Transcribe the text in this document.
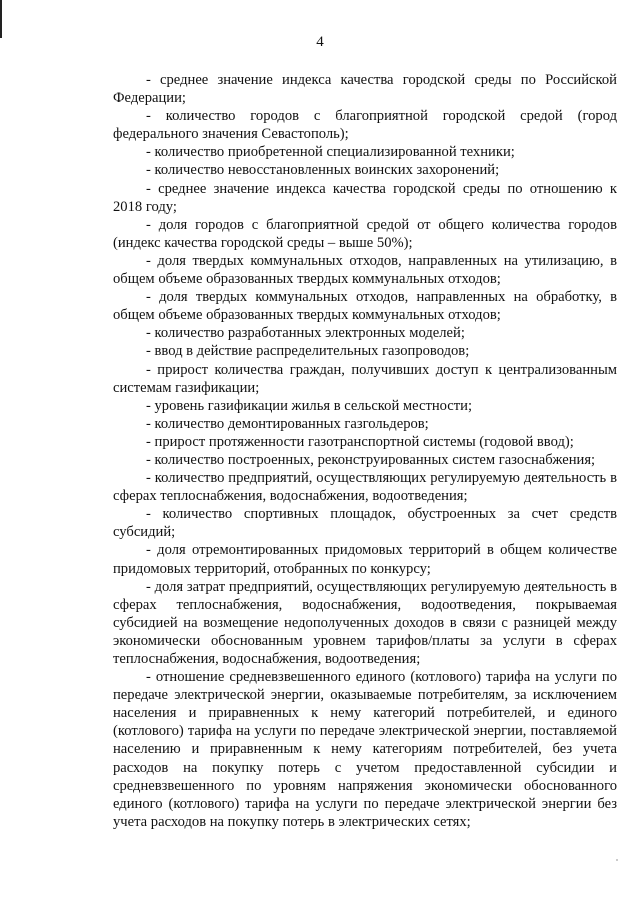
4

- среднее значение индекса качества городской среды по Российской Федерации;

- количество городов с благоприятной городской средой (город федерального значения Севастополь);

- количество приобретенной специализированной техники;

- количество невосстановленных воинских захоронений;

- среднее значение индекса качества городской среды по отношению к 2018 году;

- доля городов с благоприятной средой от общего количества городов (индекс качества городской среды – выше 50%);

- доля твердых коммунальных отходов, направленных на утилизацию, в общем объеме образованных твердых коммунальных отходов;

- доля твердых коммунальных отходов, направленных на обработку, в общем объеме образованных твердых коммунальных отходов;

- количество разработанных электронных моделей;

- ввод в действие распределительных газопроводов;

- прирост количества граждан, получивших доступ к централизованным системам газификации;

- уровень газификации жилья в сельской местности;

- количество демонтированных газгольдеров;

- прирост протяженности газотранспортной системы (годовой ввод);

- количество построенных, реконструированных систем газоснабжения;

- количество предприятий, осуществляющих регулируемую деятельность в сферах теплоснабжения, водоснабжения, водоотведения;

- количество спортивных площадок, обустроенных за счет средств субсидий;

- доля отремонтированных придомовых территорий в общем количестве придомовых территорий, отобранных по конкурсу;

- доля затрат предприятий, осуществляющих регулируемую деятельность в сферах теплоснабжения, водоснабжения, водоотведения, покрываемая субсидией на возмещение недополученных доходов в связи с разницей между экономически обоснованным уровнем тарифов/платы за услуги в сферах теплоснабжения, водоснабжения, водоотведения;

- отношение средневзвешенного единого (котлового) тарифа на услуги по передаче электрической энергии, оказываемые потребителям, за исключением населения и приравненных к нему категорий потребителей, и единого (котлового) тарифа на услуги по передаче электрической энергии, поставляемой населению и приравненным к нему категориям потребителей, без учета расходов на покупку потерь с учетом предоставленной субсидии и средневзвешенного по уровням напряжения экономически обоснованного единого (котлового) тарифа на услуги по передаче электрической энергии без учета расходов на покупку потерь в электрических сетях;
